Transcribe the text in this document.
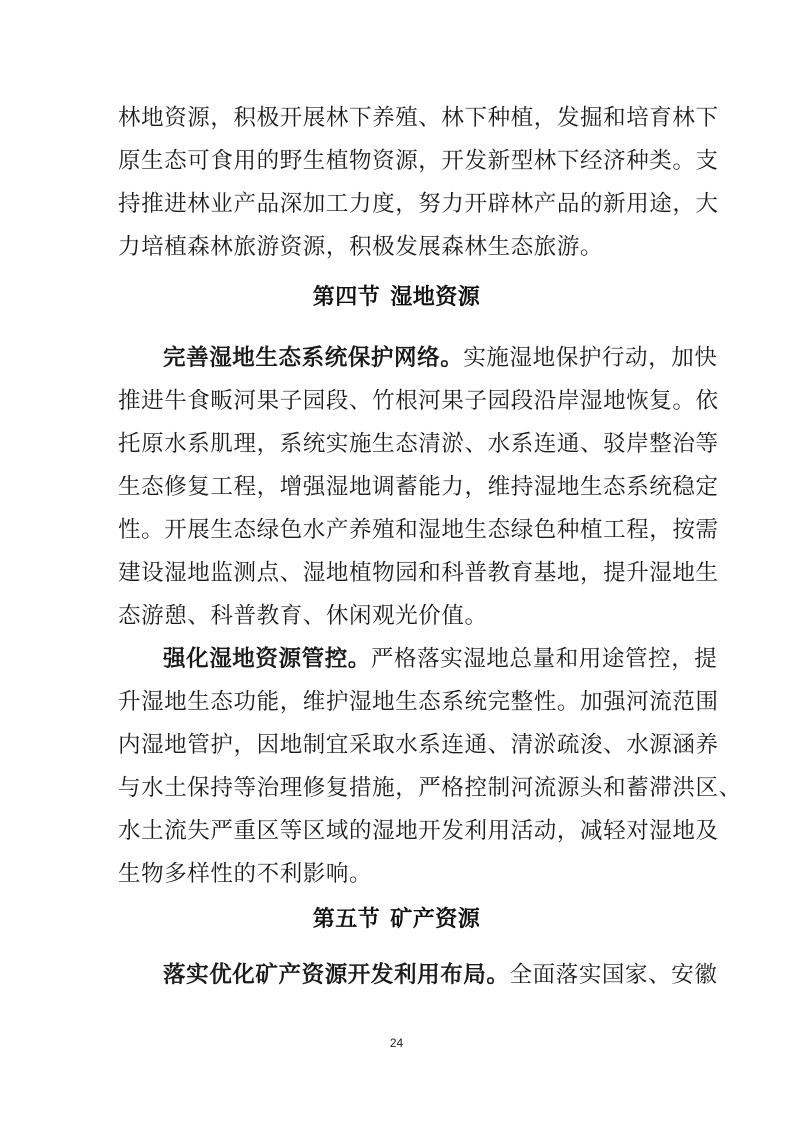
林地资源，积极开展林下养殖、林下种植，发掘和培育林下
原生态可食用的野生植物资源，开发新型林下经济种类。支
持推进林业产品深加工力度，努力开辟林产品的新用途，大
力培植森林旅游资源，积极发展森林生态旅游。
第四节 湿地资源
完善湿地生态系统保护网络。实施湿地保护行动，加快
推进牛食畈河果子园段、竹根河果子园段沿岸湿地恢复。依
托原水系肌理，系统实施生态清淤、水系连通、驳岸整治等
生态修复工程，增强湿地调蓄能力，维持湿地生态系统稳定
性。开展生态绿色水产养殖和湿地生态绿色种植工程，按需
建设湿地监测点、湿地植物园和科普教育基地，提升湿地生
态游憩、科普教育、休闲观光价值。
强化湿地资源管控。严格落实湿地总量和用途管控，提
升湿地生态功能，维护湿地生态系统完整性。加强河流范围
内湿地管护，因地制宜采取水系连通、清淤疏浚、水源涵养
与水土保持等治理修复措施，严格控制河流源头和蓄滞洪区、
水土流失严重区等区域的湿地开发利用活动，减轻对湿地及
生物多样性的不利影响。
第五节 矿产资源
落实优化矿产资源开发利用布局。全面落实国家、安徽
24
